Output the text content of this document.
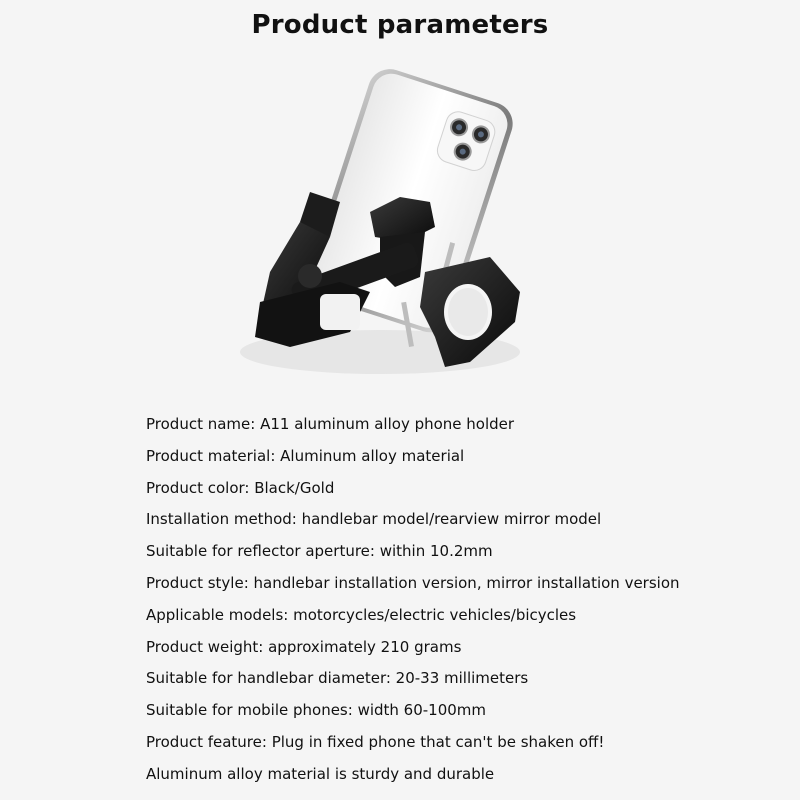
Product parameters
Product name: A11 aluminum alloy phone holder
Product material: Aluminum alloy material
Product color: Black/Gold
Installation method: handlebar model/rearview mirror model
Suitable for reflector aperture: within 10.2mm
Product style: handlebar installation version, mirror installation version
Applicable models: motorcycles/electric vehicles/bicycles
Product weight: approximately 210 grams
Suitable for handlebar diameter: 20-33 millimeters
Suitable for mobile phones: width 60-100mm
Product feature: Plug in fixed phone that can't be shaken off!
Aluminum alloy material is sturdy and durable
